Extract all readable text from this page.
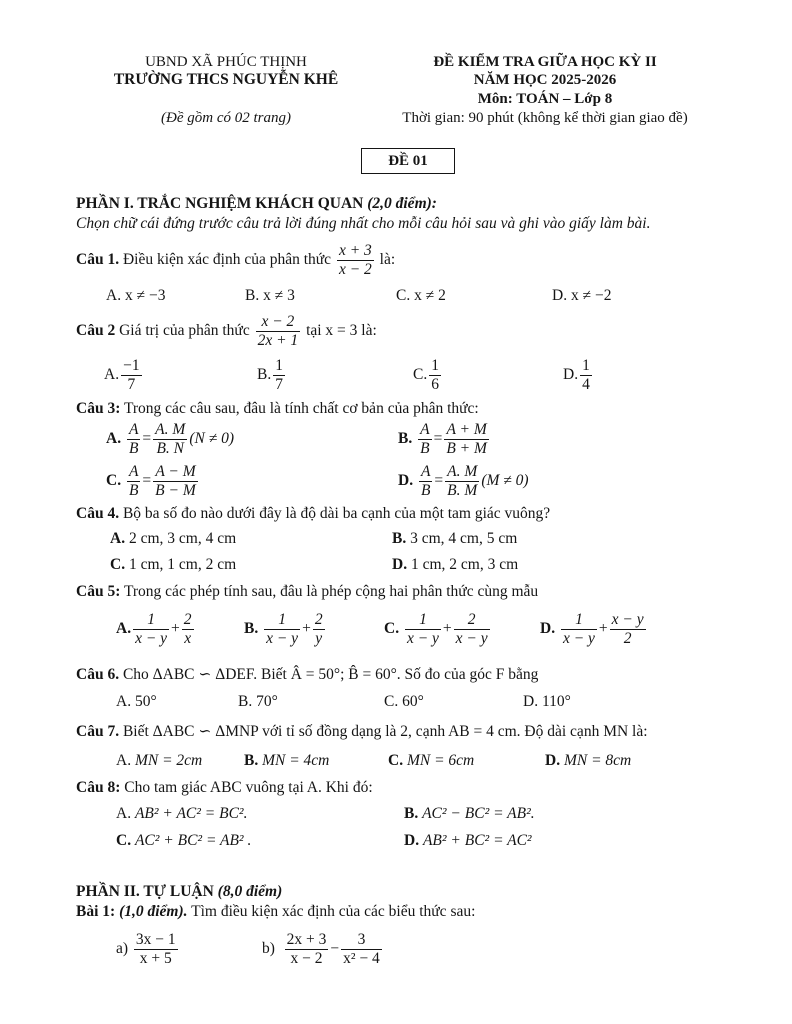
UBND XÃ PHÚC THỊNH
TRƯỜNG THCS NGUYỄN KHÊ
(Đề gồm có 02 trang)
ĐỀ KIỂM TRA GIỮA HỌC KỲ II
NĂM HỌC 2025-2026
Môn: TOÁN – Lớp 8
Thời gian: 90 phút (không kể thời gian giao đề)
ĐỀ 01
PHẦN I. TRẮC NGHIỆM KHÁCH QUAN (2,0 điểm):
Chọn chữ cái đứng trước câu trả lời đúng nhất cho mỗi câu hỏi sau và ghi vào giấy làm bài.
Câu 1.
Điều kiện xác định của phân thức
$\frac{x + 3}{x - 2}$
là:
A. x ≠ −3	B. x ≠ 3	C. x ≠ 2	D. x ≠ −2
Câu 2
Giá trị của phân thức
$\frac{x - 2}{2x + 1}$
tại x = 3 là:
A. $\frac{-1}{7}$	B. $\frac{1}{7}$	C. $\frac{1}{6}$	D. $\frac{1}{4}$
Câu 3: Trong các câu sau, đâu là tính chất cơ bản của phân thức:
A.
$\frac{A}{B} = \frac{A. M}{B. N} (N \ne 0)$	B.
$\frac{A}{B} = \frac{A + M}{B + M}$
C.
$\frac{A}{B} = \frac{A - M}{B - M}$	D.
$\frac{A}{B} = \frac{A. M}{B. M} (M \ne 0)$
Câu 4. Bộ ba số đo nào dưới đây là độ dài ba cạnh của một tam giác vuông?
A. 2 cm, 3 cm, 4 cm	B. 3 cm, 4 cm, 5 cm
C. 1 cm, 1 cm, 2 cm	D. 1 cm, 2 cm, 3 cm
Câu 5: Trong các phép tính sau, đâu là phép cộng hai phân thức cùng mẫu
A. $\frac{1}{x - y} + \frac{2}{x}$	B.
$\frac{1}{x - y} + \frac{2}{y}$	C.
$\frac{1}{x - y} + \frac{2}{x - y}$	D.
$\frac{1}{x - y} + \frac{x - y}{2}$
Câu 6. Cho ΔABC ∽ ΔDEF. Biết Â = 50°; B̂ = 60°. Số đo của góc F bằng
A. 50°	B. 70°	C. 60°	D. 110°
Câu 7. Biết ΔABC ∽ ΔMNP với tỉ số đồng dạng là 2, cạnh AB = 4 cm. Độ dài cạnh MN là:
A. MN = 2cm	B. MN = 4cm	C. MN = 6cm	D. MN = 8cm
Câu 8: Cho tam giác ABC vuông tại A. Khi đó:
A. AB² + AC² = BC².	B. AC² − BC² = AB².
C. AC² + BC² = AB² .	D. AB² + BC² = AC²
PHẦN II. TỰ LUẬN (8,0 điểm)
Bài 1: (1,0 điểm). Tìm điều kiện xác định của các biểu thức sau:
a)
$\frac{3x - 1}{x + 5}$	b)
$\frac{2x + 3}{x - 2} - \frac{3}{\text{x² − 4}}$
